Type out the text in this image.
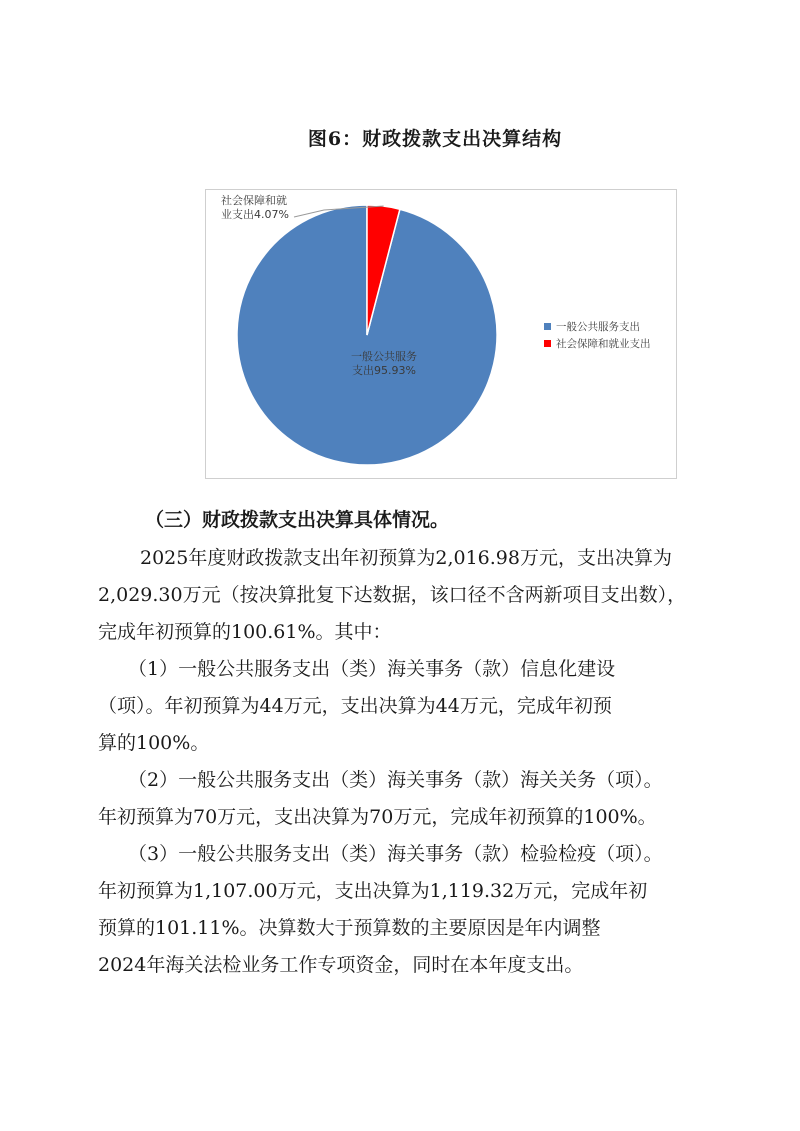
图6：财政拨款支出决算结构
社会保障和就
业支出4.07%
一般公共服务
支出95.93%
一般公共服务支出
社会保障和就业支出
（三）财政拨款支出决算具体情况。

2025年度财政拨款支出年初预算为2,016.98万元，支出决算为

2,029.30万元（按决算批复下达数据，该口径不含两新项目支出数），

完成年初预算的100.61%。其中：

（1）一般公共服务支出（类）海关事务（款）信息化建设

（项）。年初预算为44万元，支出决算为44万元，完成年初预

算的100%。

（2）一般公共服务支出（类）海关事务（款）海关关务（项）。

年初预算为70万元，支出决算为70万元，完成年初预算的100%。

（3）一般公共服务支出（类）海关事务（款）检验检疫（项）。

年初预算为1,107.00万元，支出决算为1,119.32万元，完成年初

预算的101.11%。决算数大于预算数的主要原因是年内调整

2024年海关法检业务工作专项资金，同时在本年度支出。
